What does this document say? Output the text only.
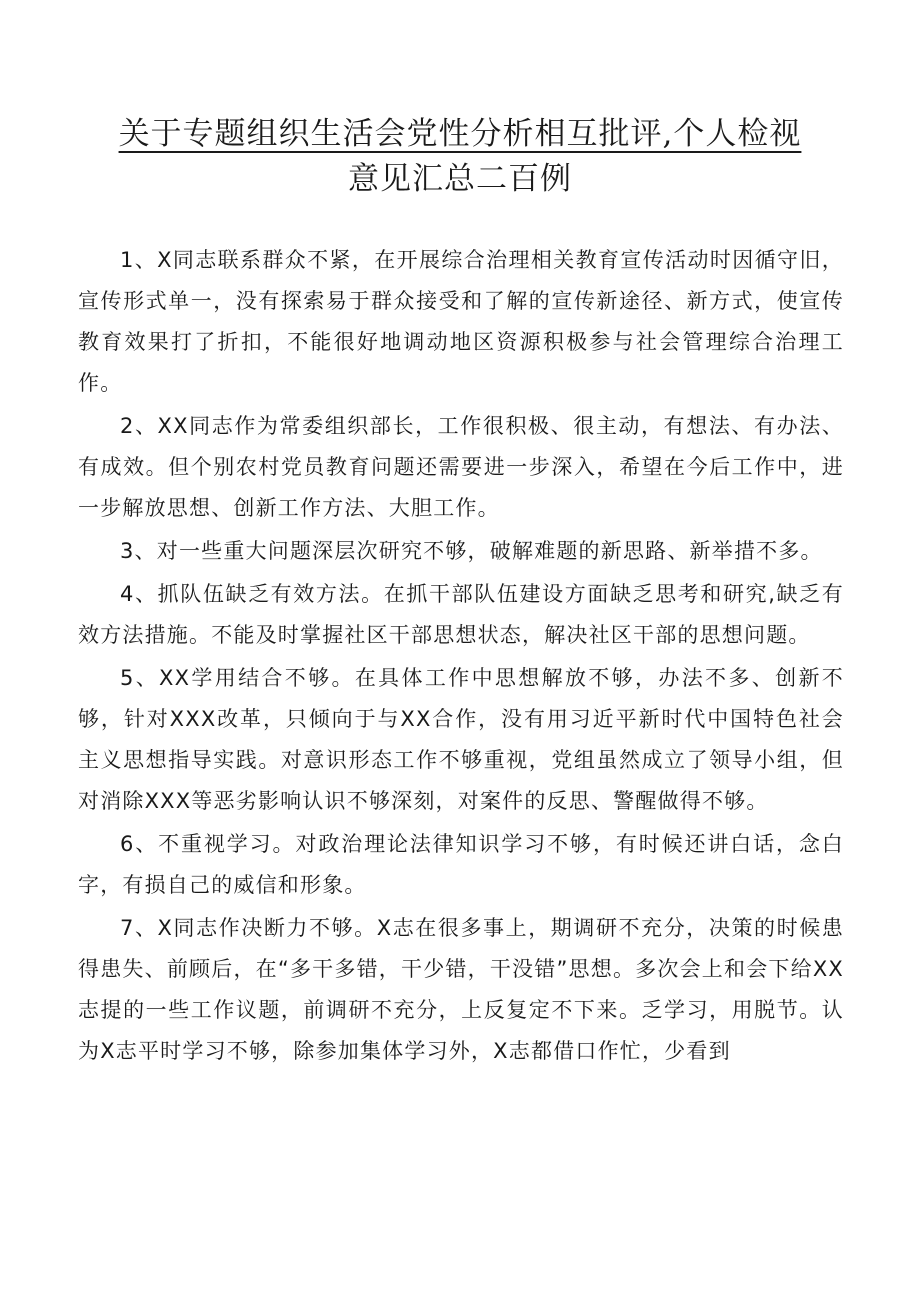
关于专题组织生活会党性分析相互批评,个人检视
意见汇总二百例

1、X同志联系群众不紧，在开展综合治理相关教育宣传活动时因循守旧，宣传形式单一，没有探索易于群众接受和了解的宣传新途径、新方式，使宣传教育效果打了折扣，不能很好地调动地区资源积极参与社会管理综合治理工作。

2、XX同志作为常委组织部长，工作很积极、很主动，有想法、有办法、有成效。但个别农村党员教育问题还需要进一步深入，希望在今后工作中，进一步解放思想、创新工作方法、大胆工作。

3、对一些重大问题深层次研究不够，破解难题的新思路、新举措不多。

4、抓队伍缺乏有效方法。在抓干部队伍建设方面缺乏思考和研究,缺乏有效方法措施。不能及时掌握社区干部思想状态，解决社区干部的思想问题。

5、XX学用结合不够。在具体工作中思想解放不够，办法不多、创新不够，针对XXX改革，只倾向于与XX合作，没有用习近平新时代中国特色社会主义思想指导实践。对意识形态工作不够重视，党组虽然成立了领导小组，但对消除XXX等恶劣影响认识不够深刻，对案件的反思、警醒做得不够。

6、不重视学习。对政治理论法律知识学习不够，有时候还讲白话，念白字，有损自己的威信和形象。

7、X同志作决断力不够。X志在很多事上，期调研不充分，决策的时候患得患失、前顾后，在“多干多错，干少错，干没错”思想。多次会上和会下给XX志提的一些工作议题，前调研不充分，上反复定不下来。乏学习，用脱节。认为X志平时学习不够，除参加集体学习外，X志都借口作忙，少看到
